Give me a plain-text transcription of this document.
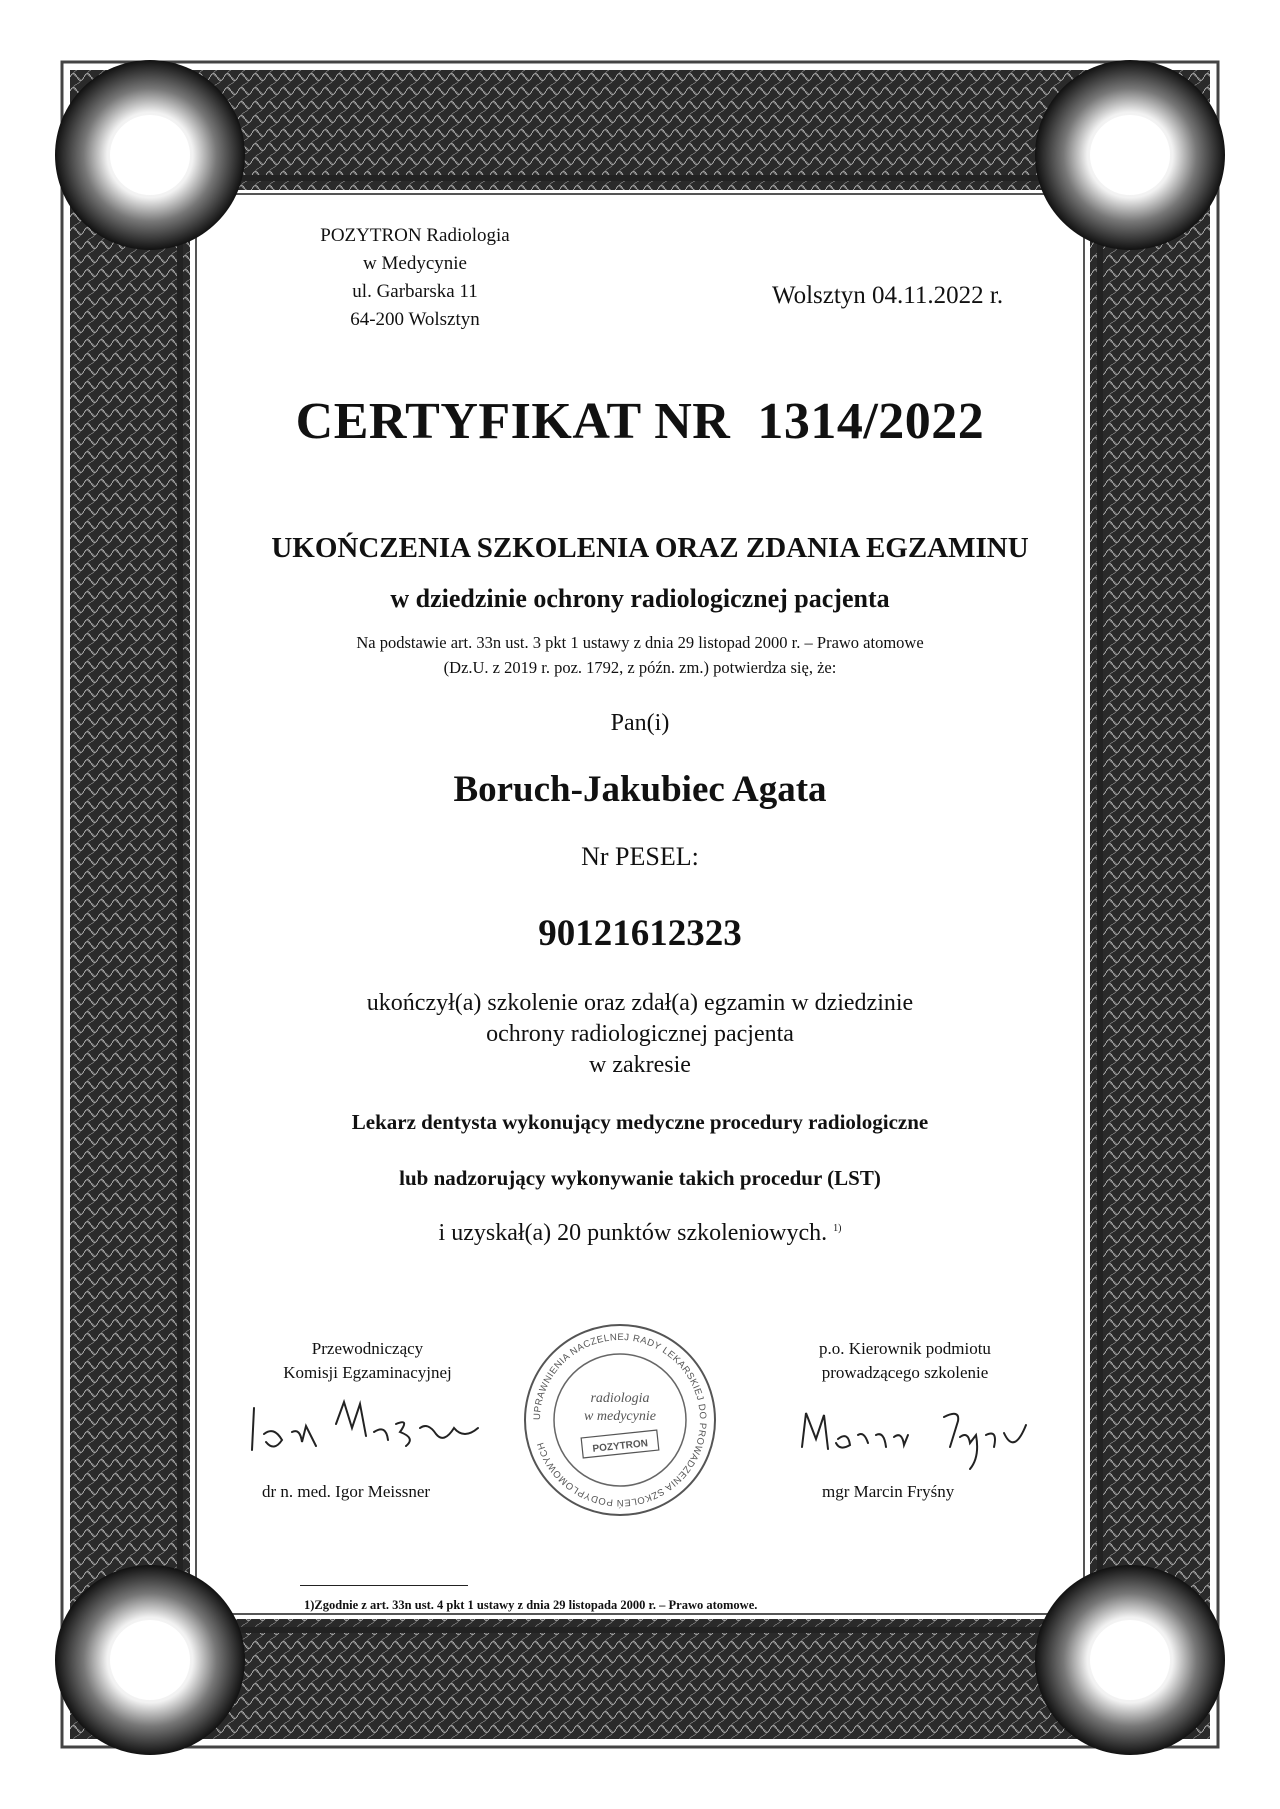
POZYTRON Radiologia
w Medycynie
ul. Garbarska 11
64-200 Wolsztyn
Wolsztyn 04.11.2022 r.
CERTYFIKAT NR  1314/2022
UKOŃCZENIA SZKOLENIA ORAZ ZDANIA EGZAMINU
w dziedzinie ochrony radiologicznej pacjenta
Na podstawie art. 33n ust. 3 pkt 1 ustawy z dnia 29 listopad 2000 r. – Prawo atomowe
(Dz.U. z 2019 r. poz. 1792, z późn. zm.) potwierdza się, że:
Pan(i)
Boruch-Jakubiec Agata
Nr PESEL:
90121612323
ukończył(a) szkolenie oraz zdał(a) egzamin w dziedzinie
ochrony radiologicznej pacjenta
w zakresie
Lekarz dentysta wykonujący medyczne procedury radiologiczne
lub nadzorujący wykonywanie takich procedur (LST)
i uzyskał(a) 20 punktów szkoleniowych. $^{1)}$
Przewodniczący
Komisji Egzaminacyjnej
dr n. med. Igor Meissner
UPRAWNIENIA NACZELNEJ RADY LEKARSKIEJ DO PROWADZENIA SZKOLEŃ PODYPLOMOWYCH
radiologia
w medycynie
POZYTRON
p.o. Kierownik podmiotu
prowadzącego szkolenie
mgr Marcin Fryśny
1)Zgodnie z art. 33n ust. 4 pkt 1 ustawy z dnia 29 listopada 2000 r. – Prawo atomowe.
